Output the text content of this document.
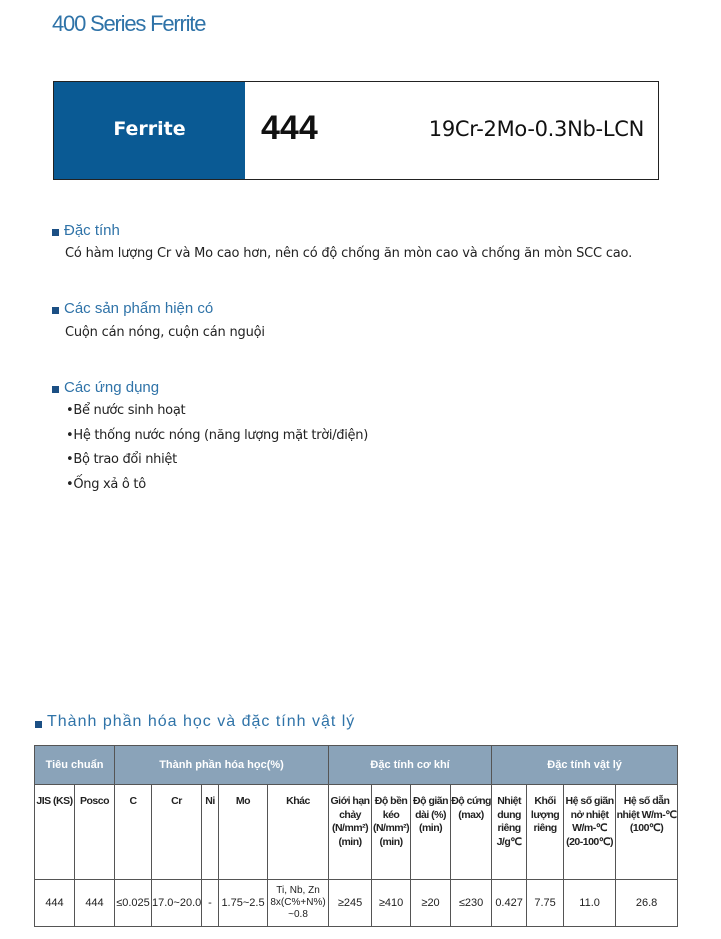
400 Series Ferrite
Ferrite	444	19Cr-2Mo-0.3Nb-LCN
Đặc tính
Có hàm lượng Cr và Mo cao hơn, nên có độ chống ăn mòn cao và chống ăn mòn SCC cao.
Các sản phẩm hiện có
Cuộn cán nóng, cuộn cán nguội
Các ứng dụng
•Bể nước sinh hoạt
•Hệ thống nước nóng (năng lượng mặt trời/điện)
•Bộ trao đổi nhiệt
•Ống xả ô tô
Thành phần hóa học và đặc tính vật lý
Tiêu chuẩn		Thành phần hóa học(%)					Đặc tính cơ khí				Đặc tính vật lý			
JIS (KS)	Posco	C	Cr	Ni	Mo	Khác	Giới hạn chảy (N/mm²) (min)	Độ bền kéo (N/mm²) (min)	Độ giãn dài (%) (min)	Độ cứng (max)	Nhiệt dung riêng J/g℃	Khối lượng riêng	Hệ số giãn nở nhiệt W/m-℃ (20-100℃)	Hệ số dẫn nhiệt W/m-℃ (100℃)
444	444	≤0.025	17.0~20.0	-	1.75~2.5	Ti, Nb, Zn 8x(C%+N%) ~0.8	≥245	≥410	≥20	≤230	0.427	7.75	11.0	26.8
